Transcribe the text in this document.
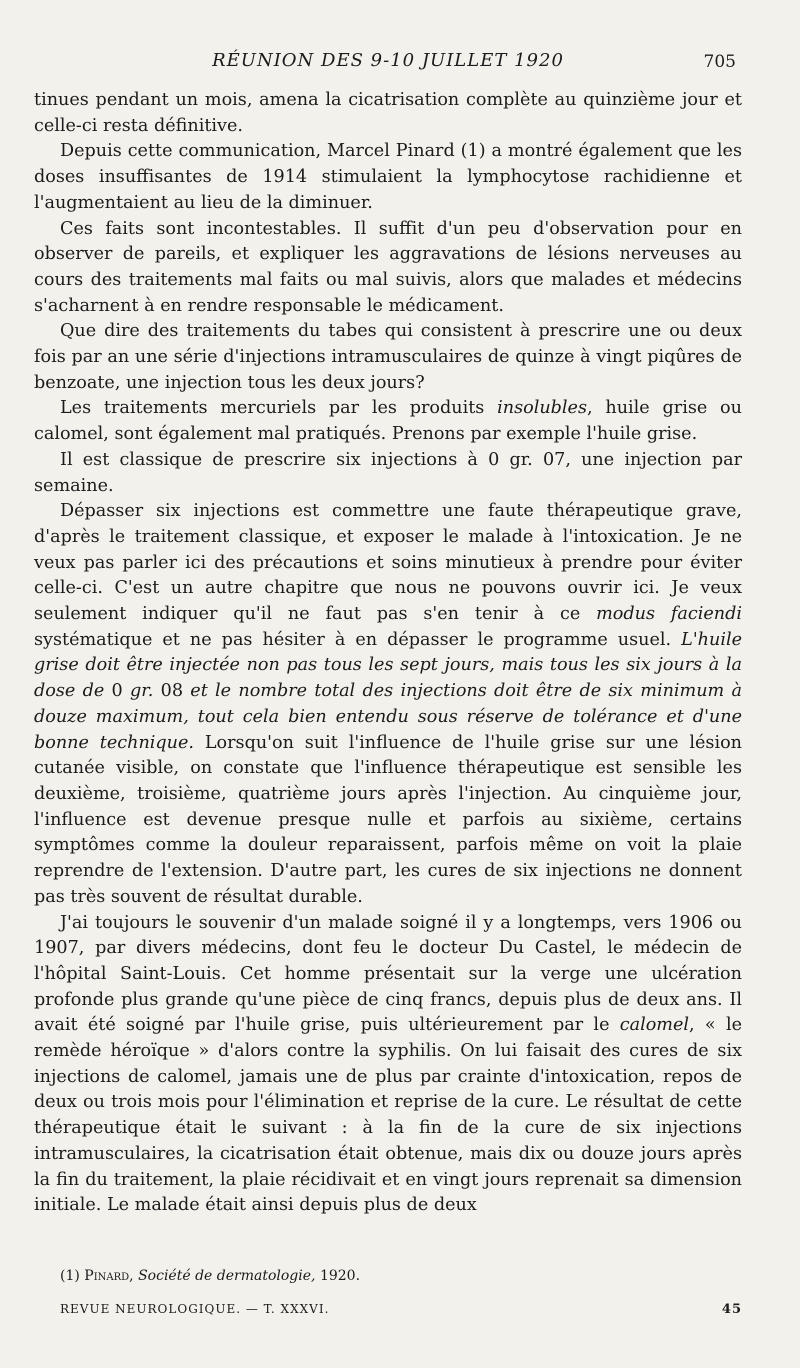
RÉUNION DES 9-10 JUILLET 1920	705

tinues pendant un mois, amena la cicatrisation complète au quinzième jour et celle-ci resta définitive.

Depuis cette communication, Marcel Pinard (1) a montré également que les doses insuffisantes de 1914 stimulaient la lymphocytose rachidienne et l'augmentaient au lieu de la diminuer.

Ces faits sont incontestables. Il suffit d'un peu d'observation pour en observer de pareils, et expliquer les aggravations de lésions nerveuses au cours des traitements mal faits ou mal suivis, alors que malades et médecins s'acharnent à en rendre responsable le médicament.

Que dire des traitements du tabes qui consistent à prescrire une ou deux fois par an une série d'injections intramusculaires de quinze à vingt piqûres de benzoate, une injection tous les deux jours?

Les traitements mercuriels par les produits insolubles, huile grise ou calomel, sont également mal pratiqués. Prenons par exemple l'huile grise.

Il est classique de prescrire six injections à 0 gr. 07, une injection par semaine.

Dépasser six injections est commettre une faute thérapeutique grave, d'après le traitement classique, et exposer le malade à l'intoxication. Je ne veux pas parler ici des précautions et soins minutieux à prendre pour éviter celle-ci. C'est un autre chapitre que nous ne pouvons ouvrir ici. Je veux seulement indiquer qu'il ne faut pas s'en tenir à ce modus faciendi systématique et ne pas hésiter à en dépasser le programme usuel. L'huile grise doit être injectée non pas tous les sept jours, mais tous les six jours à la dose de 0 gr. 08 et le nombre total des injections doit être de six minimum à douze maximum, tout cela bien entendu sous réserve de tolérance et d'une bonne technique. Lorsqu'on suit l'influence de l'huile grise sur une lésion cutanée visible, on constate que l'influence thérapeutique est sensible les deuxième, troisième, quatrième jours après l'injection. Au cinquième jour, l'influence est devenue presque nulle et parfois au sixième, certains symptômes comme la douleur reparaissent, parfois même on voit la plaie reprendre de l'extension. D'autre part, les cures de six injections ne donnent pas très souvent de résultat durable.

J'ai toujours le souvenir d'un malade soigné il y a longtemps, vers 1906 ou 1907, par divers médecins, dont feu le docteur Du Castel, le médecin de l'hôpital Saint-Louis. Cet homme présentait sur la verge une ulcération profonde plus grande qu'une pièce de cinq francs, depuis plus de deux ans. Il avait été soigné par l'huile grise, puis ultérieurement par le calomel, « le remède héroïque » d'alors contre la syphilis. On lui faisait des cures de six injections de calomel, jamais une de plus par crainte d'intoxication, repos de deux ou trois mois pour l'élimination et reprise de la cure. Le résultat de cette thérapeutique était le suivant : à la fin de la cure de six injections intramusculaires, la cicatrisation était obtenue, mais dix ou douze jours après la fin du traitement, la plaie récidivait et en vingt jours reprenait sa dimension initiale. Le malade était ainsi depuis plus de deux

(1) Pinard, Société de dermatologie, 1920.
REVUE NEUROLOGIQUE. — T. XXXVI.	45
